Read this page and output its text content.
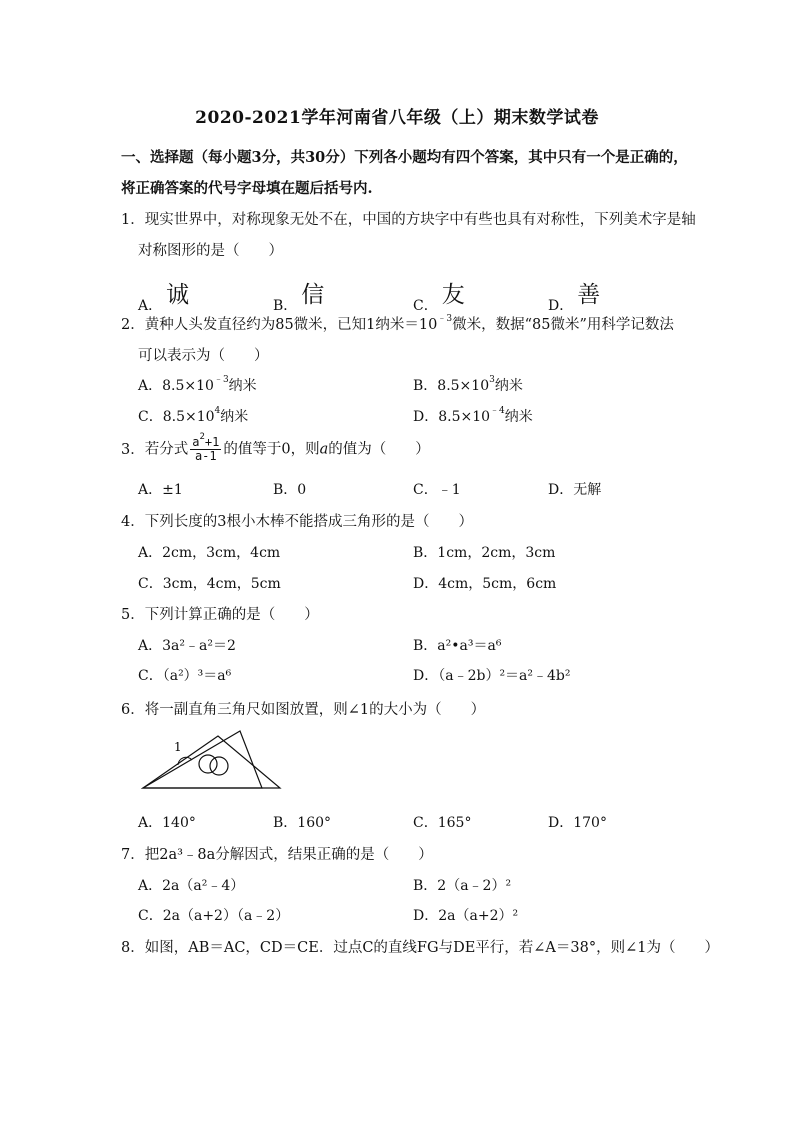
2020-2021学年河南省八年级（上）期末数学试卷
一、选择题（每小题3分，共30分）下列各小题均有四个答案，其中只有一个是正确的，
将正确答案的代号字母填在题后括号内.
1．现实世界中，对称现象无处不在，中国的方块字中有些也具有对称性，下列美术字是轴
对称图形的是（　　）
A． 诚	B． 信	C． 友	D． 善
2．黄种人头发直径约为85微米，已知1纳米$=10^{﹣3}$微米，数据“85微米”用科学记数法
可以表示为（　　）
A．$8.5\times 10^{﹣3}$纳米	B．$8.5\times 10^3$纳米
C．$8.5\times 10^4$纳米	D．$8.5\times 10^{﹣4}$纳米
3．若分式 $\frac{a^2+1}{a-1}$ 的值等于0，则a的值为（　　）
A．±1	B．0	C．﹣1	D．无解
4．下列长度的3根小木棒不能搭成三角形的是（　　）
A．2cm，3cm，4cm	B．1cm，2cm，3cm
C．3cm，4cm，5cm	D．4cm，5cm，6cm
5．下列计算正确的是（　　）
A．3a²﹣a²＝2	B．a²•a³＝a⁶
C．（a²）³＝a⁶	D．（a﹣2b）²＝a²﹣4b²
6．将一副直角三角尺如图放置，则∠1的大小为（　　）
1
A．140°	B．160°	C．165°	D．170°
7．把2a³﹣8a分解因式，结果正确的是（　　）
A．2a（a²﹣4）	B．2（a﹣2）²
C．2a（a+2）（a﹣2）	D．2a（a+2）²
8．如图，AB＝AC，CD＝CE．过点C的直线FG与DE平行，若∠A＝38°，则∠1为（　　）
